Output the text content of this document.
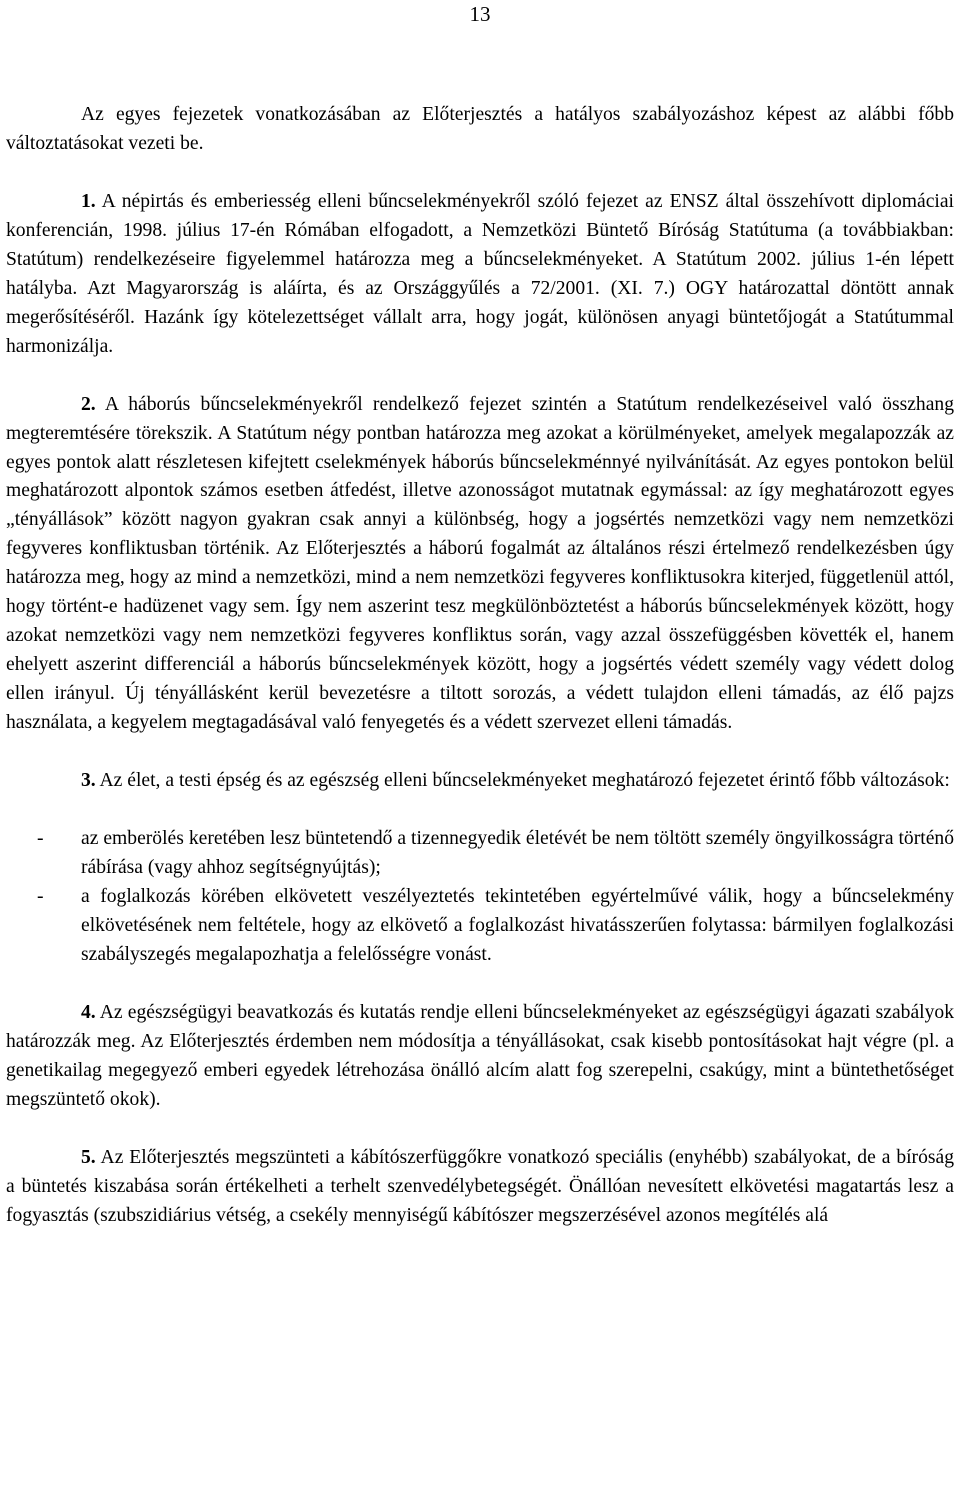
13

Az egyes fejezetek vonatkozásában az Előterjesztés a hatályos szabályozáshoz képest az alábbi főbb változtatásokat vezeti be.

1. A népirtás és emberiesség elleni bűncselekményekről szóló fejezet az ENSZ által összehívott diplomáciai konferencián, 1998. július 17-én Rómában elfogadott, a Nemzetközi Büntető Bíróság Statútuma (a továbbiakban: Statútum) rendelkezéseire figyelemmel határozza meg a bűncselekményeket. A Statútum 2002. július 1-én lépett hatályba. Azt Magyarország is aláírta, és az Országgyűlés a 72/2001. (XI. 7.) OGY határozattal döntött annak megerősítéséről. Hazánk így kötelezettséget vállalt arra, hogy jogát, különösen anyagi büntetőjogát a Statútummal harmonizálja.

2. A háborús bűncselekményekről rendelkező fejezet szintén a Statútum rendelkezéseivel való összhang megteremtésére törekszik. A Statútum négy pontban határozza meg azokat a körülményeket, amelyek megalapozzák az egyes pontok alatt részletesen kifejtett cselekmények háborús bűncselekménnyé nyilvánítását. Az egyes pontokon belül meghatározott alpontok számos esetben átfedést, illetve azonosságot mutatnak egymással: az így meghatározott egyes „tényállások” között nagyon gyakran csak annyi a különbség, hogy a jogsértés nemzetközi vagy nem nemzetközi fegyveres konfliktusban történik. Az Előterjesztés a háború fogalmát az általános részi értelmező rendelkezésben úgy határozza meg, hogy az mind a nemzetközi, mind a nem nemzetközi fegyveres konfliktusokra kiterjed, függetlenül attól, hogy történt-e hadüzenet vagy sem. Így nem aszerint tesz megkülönböztetést a háborús bűncselekmények között, hogy azokat nemzetközi vagy nem nemzetközi fegyveres konfliktus során, vagy azzal összefüggésben követték el, hanem ehelyett aszerint differenciál a háborús bűncselekmények között, hogy a jogsértés védett személy vagy védett dolog ellen irányul. Új tényállásként kerül bevezetésre a tiltott sorozás, a védett tulajdon elleni támadás, az élő pajzs használata, a kegyelem megtagadásával való fenyegetés és a védett szervezet elleni támadás.

3. Az élet, a testi épség és az egészség elleni bűncselekményeket meghatározó fejezetet érintő főbb változások:

- az emberölés keretében lesz büntetendő a tizennegyedik életévét be nem töltött személy öngyilkosságra történő rábírása (vagy ahhoz segítségnyújtás);
- a foglalkozás körében elkövetett veszélyeztetés tekintetében egyértelművé válik, hogy a bűncselekmény elkövetésének nem feltétele, hogy az elkövető a foglalkozást hivatásszerűen folytassa: bármilyen foglalkozási szabályszegés megalapozhatja a felelősségre vonást.

4. Az egészségügyi beavatkozás és kutatás rendje elleni bűncselekményeket az egészségügyi ágazati szabályok határozzák meg. Az Előterjesztés érdemben nem módosítja a tényállásokat, csak kisebb pontosításokat hajt végre (pl. a genetikailag megegyező emberi egyedek létrehozása önálló alcím alatt fog szerepelni, csakúgy, mint a büntethetőséget megszüntető okok).

5. Az Előterjesztés megszünteti a kábítószerfüggőkre vonatkozó speciális (enyhébb) szabályokat, de a bíróság a büntetés kiszabása során értékelheti a terhelt szenvedélybetegségét. Önállóan nevesített elkövetési magatartás lesz a fogyasztás (szubszidiárius vétség, a csekély mennyiségű kábítószer megszerzésével azonos megítélés alá
